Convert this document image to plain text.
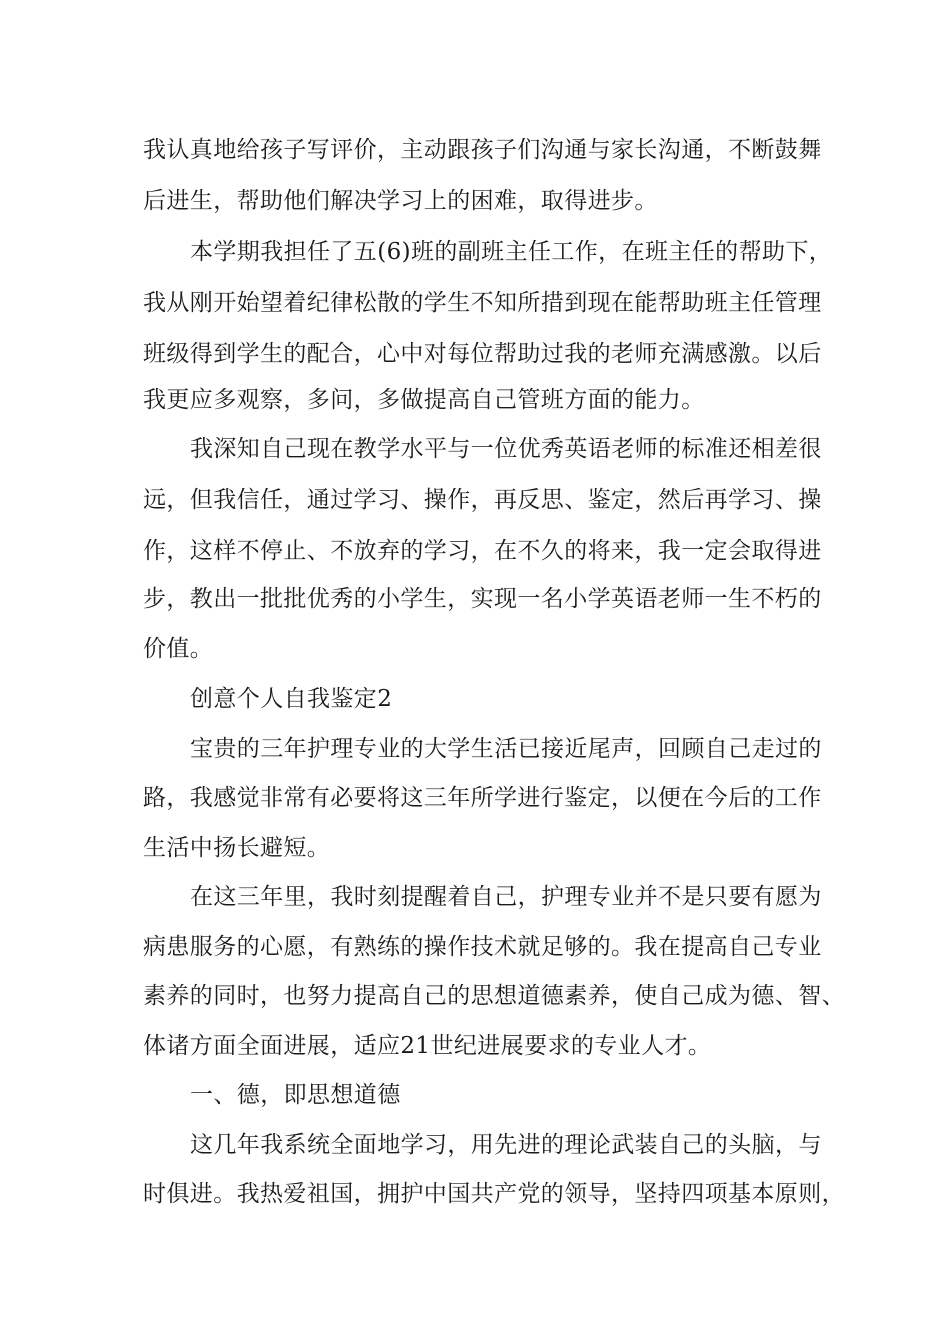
我认真地给孩子写评价，主动跟孩子们沟通与家长沟通，不断鼓舞

后进生，帮助他们解决学习上的困难，取得进步。

本学期我担任了五(6)班的副班主任工作，在班主任的帮助下，

我从刚开始望着纪律松散的学生不知所措到现在能帮助班主任管理

班级得到学生的配合，心中对每位帮助过我的老师充满感激。以后

我更应多观察，多问，多做提高自己管班方面的能力。

我深知自己现在教学水平与一位优秀英语老师的标准还相差很

远，但我信任，通过学习、操作，再反思、鉴定，然后再学习、操

作，这样不停止、不放弃的学习，在不久的将来，我一定会取得进

步，教出一批批优秀的小学生，实现一名小学英语老师一生不朽的

价值。

创意个人自我鉴定2

宝贵的三年护理专业的大学生活已接近尾声，回顾自己走过的

路，我感觉非常有必要将这三年所学进行鉴定，以便在今后的工作

生活中扬长避短。

在这三年里，我时刻提醒着自己，护理专业并不是只要有愿为

病患服务的心愿，有熟练的操作技术就足够的。我在提高自己专业

素养的同时，也努力提高自己的思想道德素养，使自己成为德、智、

体诸方面全面进展，适应21世纪进展要求的专业人才。

一、德，即思想道德

这几年我系统全面地学习，用先进的理论武装自己的头脑，与

时俱进。我热爱祖国，拥护中国共产党的领导，坚持四项基本原则，
